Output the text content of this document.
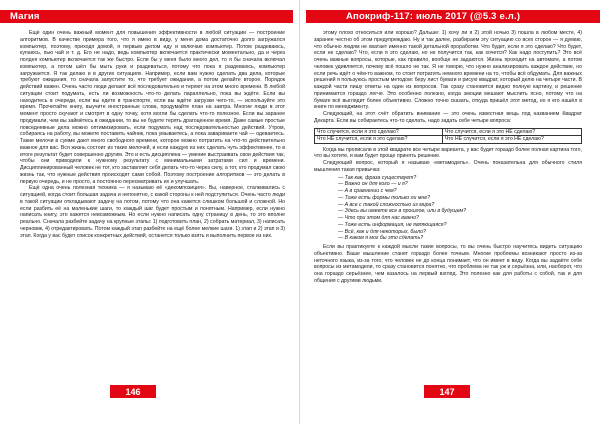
Магия

Ещё один очень важный момент для повышения эффективности в любой ситуации — построение алгоритмов. В качестве примера того, что я имею в виду, у меня дома достаточно долго загружался компьютер, поэтому, приходя домой, я первым делом иду и включаю компьютер. Потом раздеваюсь, купаюсь, пью чай и т. д. Его не надо, ведь компьютер включается практически моментально, да и через полдня компьютер включается так же быстро. Если бы у меня было много дел, то я бы сначала включал компьютер, а потом шёл бы мыть руки и раздеваться, потому что пока я раздеваюсь, компьютер загружается. Я так делаю и в других ситуациях. Например, если вам нужно сделать два дела, которые требуют ожидания, то сначала запустите то, что требует ожидания, а потом делайте второе. Порядок действий важен. Очень часто люди делают всё последовательно и теряют на этом много времени. В любой ситуации стоит подумать, есть ли возможность что-то делать параллельно, пока вы ждёте. Если вы находитесь в очереди, если вы едете в транспорте, если вы ждёте загрузки чего-то, — используйте это время. Прочитайте книгу, выучите иностранные слова, продумайте план на завтра. Многие люди в этот момент просто скучают и смотрят в одну точку, хотя могли бы сделать что-то полезное. Если вы заранее продумали, чем вы займётесь в ожидании, то вы не будете терять драгоценное время. Даже самые простые повседневные дела можно оптимизировать, если подумать над последовательностью действий. Утром, собираясь на работу, вы можете поставить чайник, пока умываетесь, а пока завариваете чай — одеваетесь. Такие мелочи в сумме дают много свободного времени, которое можно потратить на что-то действительно важное для вас. Вся жизнь состоит из таких мелочей, и если каждую из них сделать чуть эффективнее, то в итоге результат будет совершенно другим. Это и есть дисциплина — умение выстраивать свои действия так, чтобы они приводили к нужному результату с минимальными затратами сил и времени. Дисциплинированный человек не тот, кто заставляет себя делать что-то через силу, а тот, кто продумал свою жизнь так, что нужные действия происходят сами собой. Поэтому построение алгоритмов — это делать в первую очередь, и не просто, а постоянно пересматривать их и улучшать.

Ещё одна очень полезная техника — я называю её «декомпозиция». Вы, наверное, сталкивались с ситуацией, когда стоит большая задача и непонятно, с какой стороны к ней подступиться. Очень часто люди в такой ситуации откладывают задачу на потом, потому что она кажется слишком большой и сложной. Но если разбить её на маленькие шаги, то каждый шаг будет простым и понятным. Например, если нужно написать книгу, это кажется невозможным. Но если нужно написать одну страницу в день, то это вполне реально. Сначала разбейте задачу на крупные этапы: 1) подготовить план, 2) собрать материал, 3) написать черновик, 4) отредактировать. Потом каждый этап разбейте на ещё более мелкие шаги. 1) этап и 2) этап и 3) этап. Когда у вас будет список конкретных действий, останется только взять и выполнить первое из них.

146
Апокриф-117: июль 2017 (@5.3 е.л.)

этому плохо относиться или хорошо? Дальше: 1) хочу ли я 2) этой ночью 3) пошла в любом месте, 4) заранее честно об этом предупреждаю. Ну и так далее, разбираем эту ситуацию со всех сторон — я думаю, что обычно людям не хватает именно такой детальной проработки. Что будет, если я это сделаю? Что будет, если не сделаю? Что, если я это сделаю, но не получится так, как хочется? Как надо поступить? Это всё очень важные вопросы, которые, как правило, вообще не задаются. Жизнь проходит на автомате, а потом человек удивляется, почему всё пошло не так. Я не говорю, что нужно анализировать каждое действие, но если речь идёт о чём-то важном, то стоит потратить немного времени на то, чтобы всё обдумать. Для важных решений я пользуюсь простым методом: беру лист бумаги и рисую квадрат, который делю на четыре части. В каждой части пишу ответы на один из вопросов. Так сразу становится видно полную картину, и решение принимается гораздо легче. Это особенно полезно, когда эмоции мешают мыслить ясно, потому что на бумаге всё выглядит более объективно. Сложно точно сказать, откуда пришёл этот метод, но я его нашёл в книге по менеджменту.

Следующий, на этот счёт обратить внимание — это очень известная вещь под названием Квадрат Декарта. Если вы собираетесь что-то сделать, надо задать себе четыре вопроса:

Что случится, если я это сделаю?	Что случится, если я это НЕ сделаю?
Что НЕ случится, если я это сделаю?	Что НЕ случится, если я это НЕ сделаю?

Когда вы прописали в этой квадрате все четыре варианта, у вас будет гораздо более полная картина того, что вы хотите, и вам будет проще принять решение.

Следующий вопрос, который я называю «метамодель». Очень показательна для обычного стиля мышления такая привычка:

— Так как, фраза существует?
— Важно он для кого — и я?
— А в сравнении с чем?
— Тоже есть формы только ли мне?
— А все с такой сложностью из мира?
— Здесь вы имеете все в прошлое, или в будущем?
— Что при этом для нас важно?
— Тоже есть информация, не являющаяся?
— Всё, как и для некоторых, было?
— В каком я мог бы это сделать?

Если вы практикуете к каждой мысли такие вопросы, то вы очень быстро научитесь видеть ситуацию объективно. Ваше мышление станет гораздо более точным. Многие проблемы возникают просто из-за неточного языка, из-за того, что человек не до конца понимает, что он имеет в виду. Когда вы задаёте себе вопросы из метамодели, то сразу становится понятно, что проблема не так уж и серьёзна, или, наоборот, что она гораздо серьёзнее, чем казалось на первый взгляд. Это полезно как для работы с собой, так и для общения с другими людьми.

147
